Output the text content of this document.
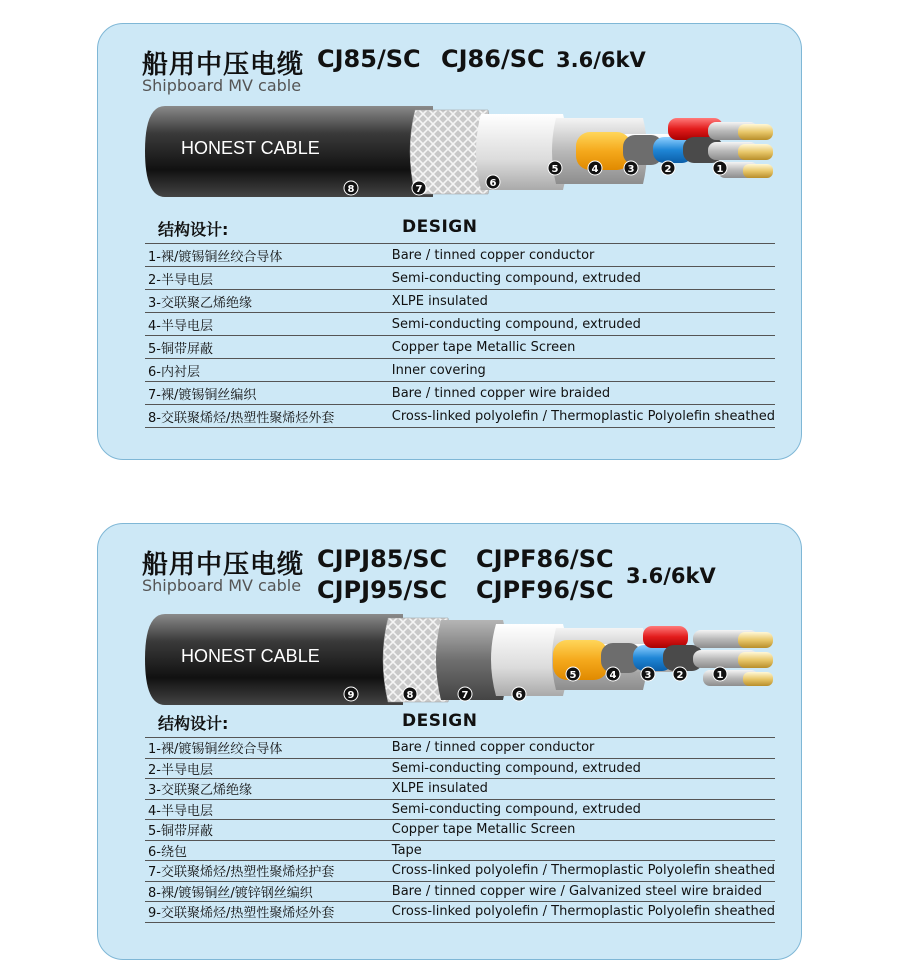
船用中压电缆
Shipboard MV cable
CJ85/SC CJ86/SC 3.6/6kV
HONEST CABLE
8	7
6
5	4	3	2	1
结构设计:	DESIGN
1-裸/镀锡铜丝绞合导体	Bare / tinned copper conductor
2-半导电层	Semi-conducting compound, extruded
3-交联聚乙烯绝缘	XLPE insulated
4-半导电层	Semi-conducting compound, extruded
5-铜带屏蔽	Copper tape Metallic Screen
6-内衬层	Inner covering
7-裸/镀锡铜丝编织	Bare / tinned copper wire braided
8-交联聚烯烃/热塑性聚烯烃外套	Cross-linked polyolefin / Thermoplastic Polyolefin sheathed
船用中压电缆
Shipboard MV cable
CJPJ85/SC CJPF86/SC
CJPJ95/SC CJPF96/SC 3.6/6kV
HONEST CABLE
9	8	7	6
5	4	3	2	1
结构设计:	DESIGN
1-裸/镀锡铜丝绞合导体	Bare / tinned copper conductor
2-半导电层	Semi-conducting compound, extruded
3-交联聚乙烯绝缘	XLPE insulated
4-半导电层	Semi-conducting compound, extruded
5-铜带屏蔽	Copper tape Metallic Screen
6-绕包	Tape
7-交联聚烯烃/热塑性聚烯烃护套	Cross-linked polyolefin / Thermoplastic Polyolefin sheathed
8-裸/镀锡铜丝/镀锌钢丝编织	Bare / tinned copper wire / Galvanized steel wire braided
9-交联聚烯烃/热塑性聚烯烃外套	Cross-linked polyolefin / Thermoplastic Polyolefin sheathed
